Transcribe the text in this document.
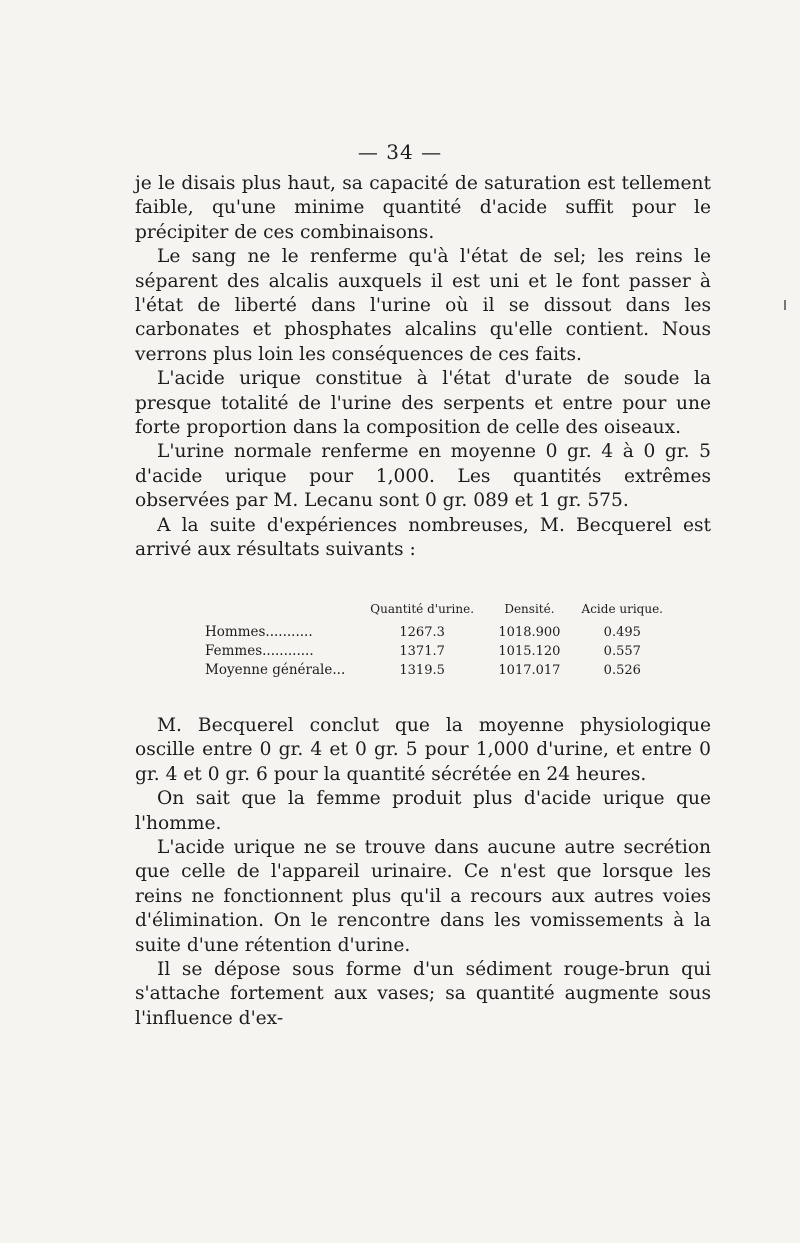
— 34 —

je le disais plus haut, sa capacité de saturation est tellement faible, qu'une minime quantité d'acide suffit pour le précipiter de ces combinaisons.

Le sang ne le renferme qu'à l'état de sel; les reins le séparent des alcalis auxquels il est uni et le font passer à l'état de liberté dans l'urine où il se dissout dans les carbonates et phosphates alcalins qu'elle contient. Nous verrons plus loin les conséquences de ces faits.

L'acide urique constitue à l'état d'urate de soude la presque totalité de l'urine des serpents et entre pour une forte proportion dans la composition de celle des oiseaux.

L'urine normale renferme en moyenne 0 gr. 4 à 0 gr. 5 d'acide urique pour 1,000. Les quantités extrêmes observées par M. Lecanu sont 0 gr. 089 et 1 gr. 575.

A la suite d'expériences nombreuses, M. Becquerel est arrivé aux résultats suivants :

	Quantité d'urine.	Densité.	Acide urique.
Hommes...........	1267.3	1018.900	0.495
Femmes............	1371.7	1015.120	0.557
Moyenne générale...	1319.5	1017.017	0.526

M. Becquerel conclut que la moyenne physiologique oscille entre 0 gr. 4 et 0 gr. 5 pour 1,000 d'urine, et entre 0 gr. 4 et 0 gr. 6 pour la quantité sécrétée en 24 heures.

On sait que la femme produit plus d'acide urique que l'homme.

L'acide urique ne se trouve dans aucune autre secrétion que celle de l'appareil urinaire. Ce n'est que lorsque les reins ne fonctionnent plus qu'il a recours aux autres voies d'élimination. On le rencontre dans les vomissements à la suite d'une rétention d'urine.

Il se dépose sous forme d'un sédiment rouge-brun qui s'attache fortement aux vases; sa quantité augmente sous l'influence d'ex-
